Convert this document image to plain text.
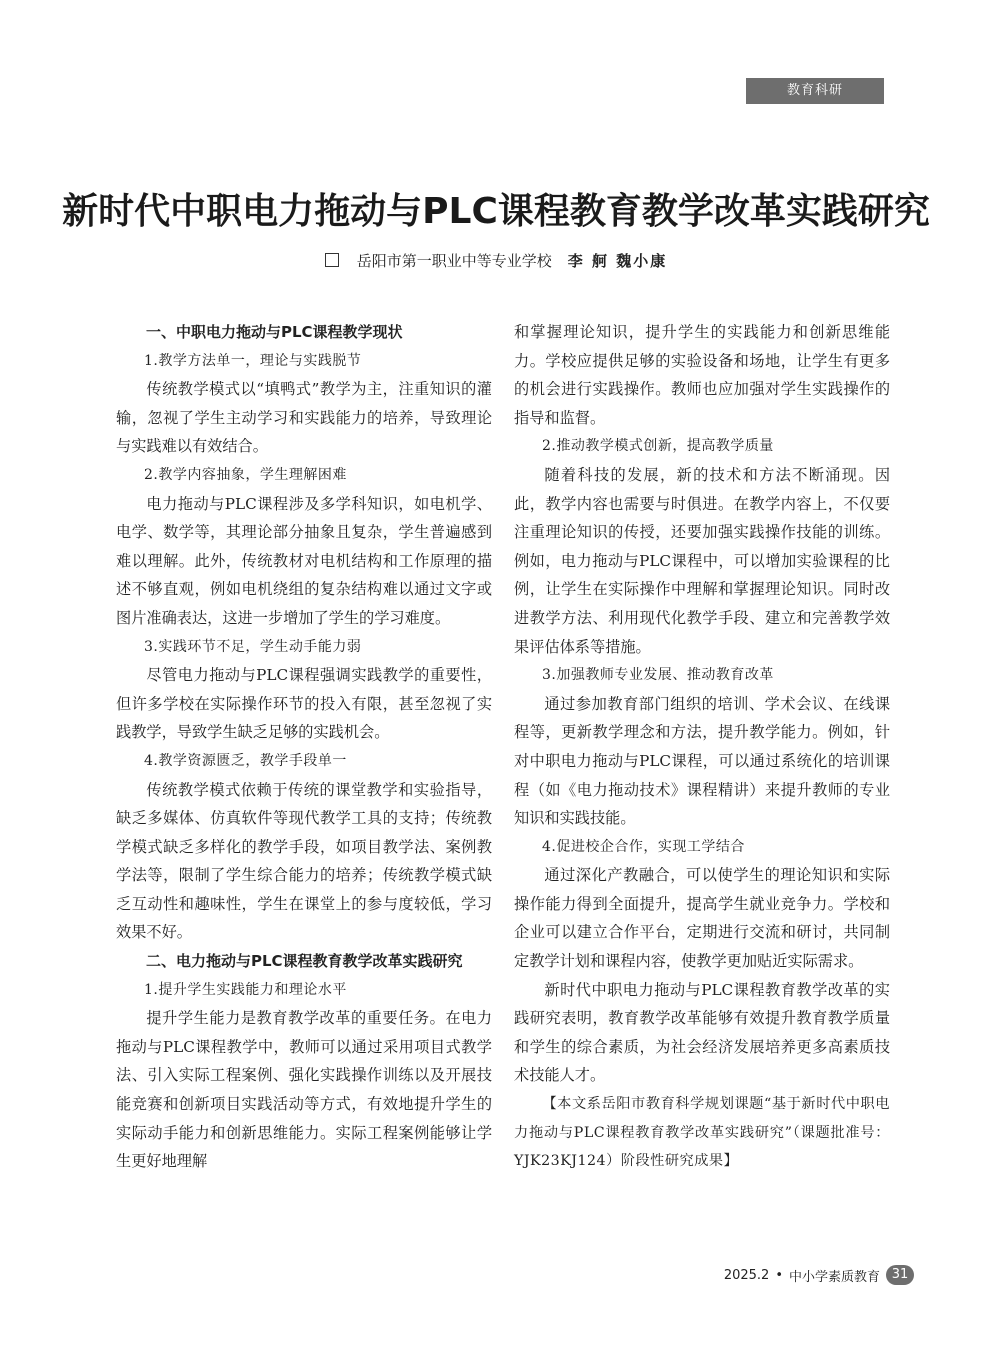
教育科研
新时代中职电力拖动与PLC课程教育教学改革实践研究
岳阳市第一职业中等专业学校 李 舸 魏小康

一、中职电力拖动与PLC课程教学现状

1.教学方法单一，理论与实践脱节

传统教学模式以“填鸭式”教学为主，注重知识的灌输，忽视了学生主动学习和实践能力的培养，导致理论与实践难以有效结合。

2.教学内容抽象，学生理解困难

电力拖动与PLC课程涉及多学科知识，如电机学、电学、数学等，其理论部分抽象且复杂，学生普遍感到难以理解。此外，传统教材对电机结构和工作原理的描述不够直观，例如电机绕组的复杂结构难以通过文字或图片准确表达，这进一步增加了学生的学习难度。

3.实践环节不足，学生动手能力弱

尽管电力拖动与PLC课程强调实践教学的重要性，但许多学校在实际操作环节的投入有限，甚至忽视了实践教学，导致学生缺乏足够的实践机会。

4.教学资源匮乏，教学手段单一

传统教学模式依赖于传统的课堂教学和实验指导，缺乏多媒体、仿真软件等现代教学工具的支持；传统教学模式缺乏多样化的教学手段，如项目教学法、案例教学法等，限制了学生综合能力的培养；传统教学模式缺乏互动性和趣味性，学生在课堂上的参与度较低，学习效果不好。

二、电力拖动与PLC课程教育教学改革实践研究

1.提升学生实践能力和理论水平

提升学生能力是教育教学改革的重要任务。在电力拖动与PLC课程教学中，教师可以通过采用项目式教学法、引入实际工程案例、强化实践操作训练以及开展技能竞赛和创新项目实践活动等方式，有效地提升学生的实际动手能力和创新思维能力。实际工程案例能够让学生更好地理解

和掌握理论知识，提升学生的实践能力和创新思维能力。学校应提供足够的实验设备和场地，让学生有更多的机会进行实践操作。教师也应加强对学生实践操作的指导和监督。

2.推动教学模式创新，提高教学质量

随着科技的发展，新的技术和方法不断涌现。因此，教学内容也需要与时俱进。在教学内容上，不仅要注重理论知识的传授，还要加强实践操作技能的训练。例如，电力拖动与PLC课程中，可以增加实验课程的比例，让学生在实际操作中理解和掌握理论知识。同时改进教学方法、利用现代化教学手段、建立和完善教学效果评估体系等措施。

3.加强教师专业发展、推动教育改革

通过参加教育部门组织的培训、学术会议、在线课程等，更新教学理念和方法，提升教学能力。例如，针对中职电力拖动与PLC课程，可以通过系统化的培训课程（如《电力拖动技术》课程精讲）来提升教师的专业知识和实践技能。

4.促进校企合作，实现工学结合

通过深化产教融合，可以使学生的理论知识和实际操作能力得到全面提升，提高学生就业竞争力。学校和企业可以建立合作平台，定期进行交流和研讨，共同制定教学计划和课程内容，使教学更加贴近实际需求。

新时代中职电力拖动与PLC课程教育教学改革的实践研究表明，教育教学改革能够有效提升教育教学质量和学生的综合素质，为社会经济发展培养更多高素质技术技能人才。

【本文系岳阳市教育科学规划课题“基于新时代中职电力拖动与PLC课程教育教学改革实践研究”（课题批准号：YJK23KJ124）阶段性研究成果】

2025.2 • 中小学素质教育 31
